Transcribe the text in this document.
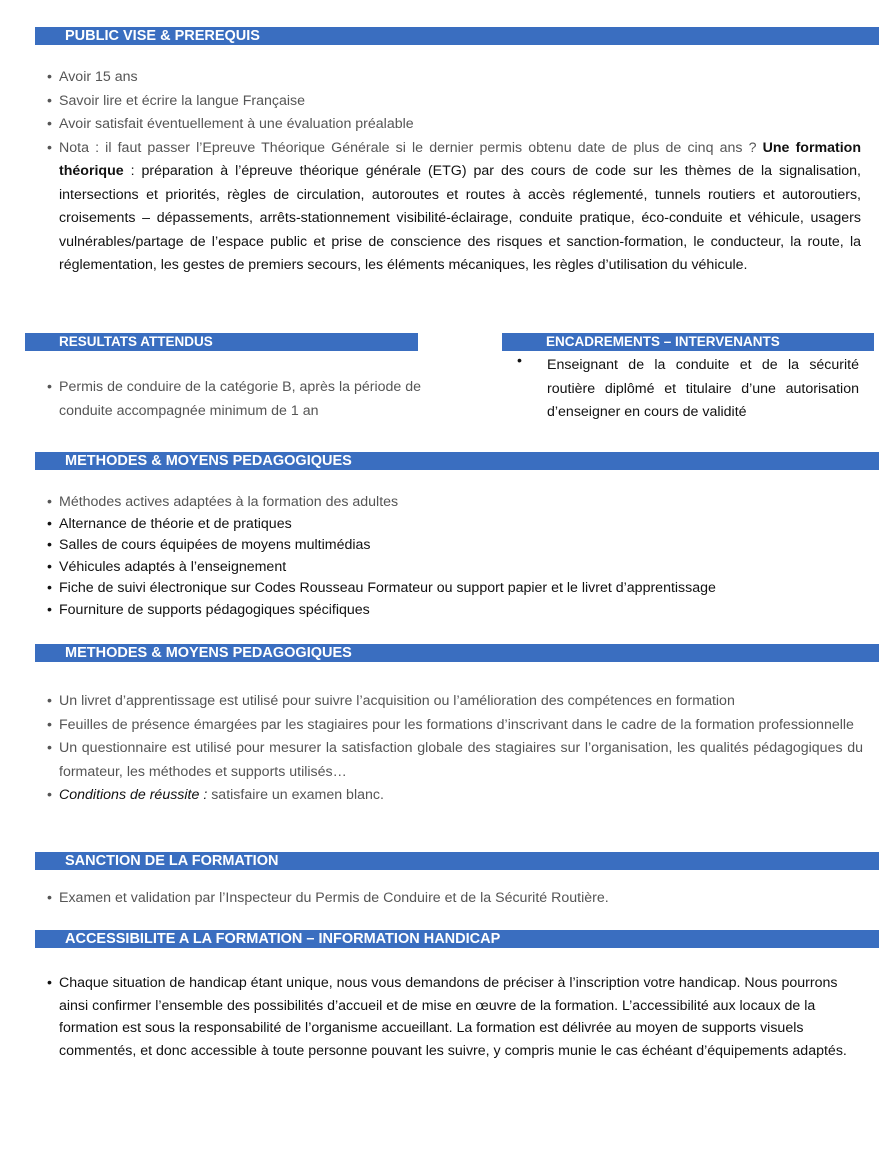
PUBLIC VISE & PREREQUIS
• Avoir 15 ans
• Savoir lire et écrire la langue Française
• Avoir satisfait éventuellement à une évaluation préalable
• Nota : il faut passer l’Epreuve Théorique Générale si le dernier permis obtenu date de plus de cinq ans ? Une formation théorique : préparation à l’épreuve théorique générale (ETG) par des cours de code sur les thèmes de la signalisation, intersections et priorités, règles de circulation, autoroutes et routes à accès réglementé, tunnels routiers et autoroutiers, croisements – dépassements, arrêts-stationnement visibilité-éclairage, conduite pratique, éco-conduite et véhicule, usagers vulnérables/partage de l’espace public et prise de conscience des risques et sanction-formation, le conducteur, la route, la réglementation, les gestes de premiers secours, les éléments mécaniques, les règles d’utilisation du véhicule.
RESULTATS ATTENDUS
• Permis de conduire de la catégorie B, après la période de conduite accompagnée minimum de 1 an
ENCADREMENTS – INTERVENANTS
• Enseignant de la conduite et de la sécurité routière diplômé et titulaire d’une autorisation d’enseigner en cours de validité
METHODES & MOYENS PEDAGOGIQUES
• Méthodes actives adaptées à la formation des adultes
• Alternance de théorie et de pratiques
• Salles de cours équipées de moyens multimédias
• Véhicules adaptés à l’enseignement
• Fiche de suivi électronique sur Codes Rousseau Formateur ou support papier et le livret d’apprentissage
• Fourniture de supports pédagogiques spécifiques
METHODES & MOYENS PEDAGOGIQUES
• Un livret d’apprentissage est utilisé pour suivre l’acquisition ou l’amélioration des compétences en formation
• Feuilles de présence émargées par les stagiaires pour les formations d’inscrivant dans le cadre de la formation professionnelle
• Un questionnaire est utilisé pour mesurer la satisfaction globale des stagiaires sur l’organisation, les qualités pédagogiques du formateur, les méthodes et supports utilisés…
• Conditions de réussite : satisfaire un examen blanc.
SANCTION DE LA FORMATION
• Examen et validation par l’Inspecteur du Permis de Conduire et de la Sécurité Routière.
ACCESSIBILITE A LA FORMATION – INFORMATION HANDICAP
• Chaque situation de handicap étant unique, nous vous demandons de préciser à l’inscription votre handicap. Nous pourrons ainsi confirmer l’ensemble des possibilités d’accueil et de mise en œuvre de la formation. L’accessibilité aux locaux de la formation est sous la responsabilité de l’organisme accueillant. La formation est délivrée au moyen de supports visuels commentés, et donc accessible à toute personne pouvant les suivre, y compris munie le cas échéant d’équipements adaptés.
